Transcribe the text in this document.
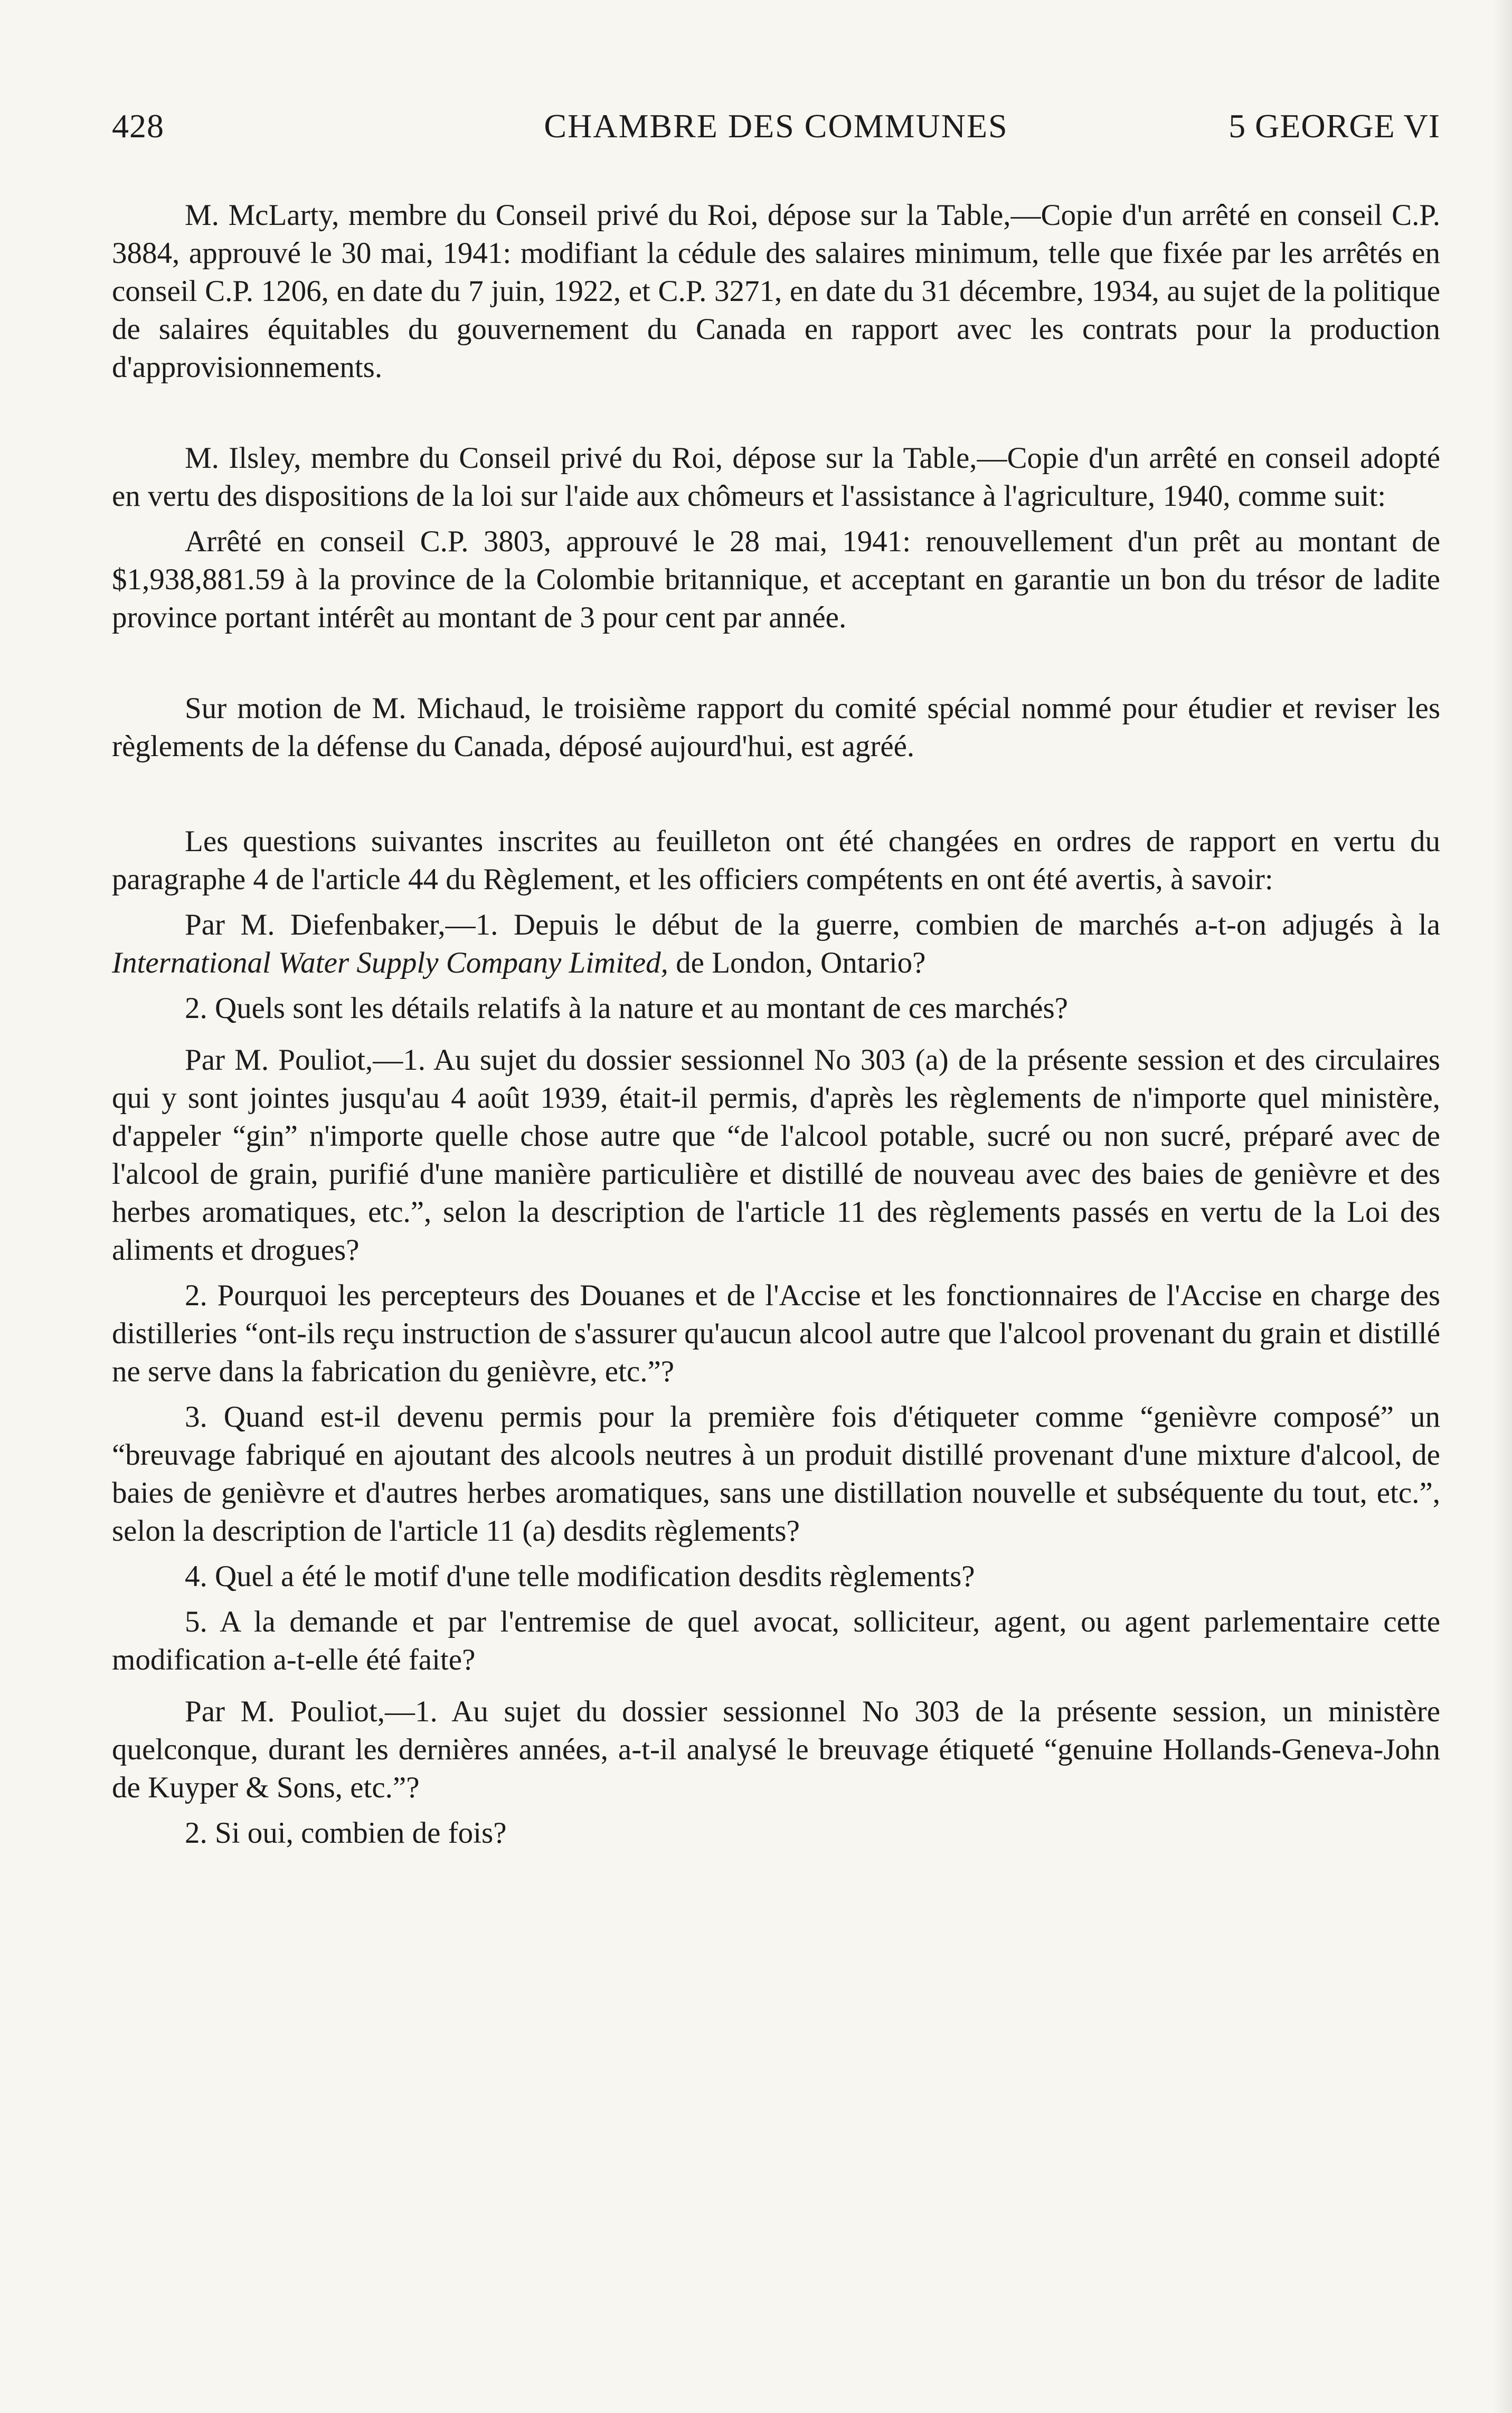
428	CHAMBRE DES COMMUNES	5 GEORGE VI

M. McLarty, membre du Conseil privé du Roi, dépose sur la Table,—Copie d'un arrêté en conseil C.P. 3884, approuvé le 30 mai, 1941: modifiant la cédule des salaires minimum, telle que fixée par les arrêtés en conseil C.P. 1206, en date du 7 juin, 1922, et C.P. 3271, en date du 31 décembre, 1934, au sujet de la politique de salaires équitables du gouvernement du Canada en rapport avec les contrats pour la production d'approvisionnements.

M. Ilsley, membre du Conseil privé du Roi, dépose sur la Table,—Copie d'un arrêté en conseil adopté en vertu des dispositions de la loi sur l'aide aux chômeurs et l'assistance à l'agriculture, 1940, comme suit:

Arrêté en conseil C.P. 3803, approuvé le 28 mai, 1941: renouvellement d'un prêt au montant de $1,938,881.59 à la province de la Colombie britannique, et acceptant en garantie un bon du trésor de ladite province portant intérêt au montant de 3 pour cent par année.

Sur motion de M. Michaud, le troisième rapport du comité spécial nommé pour étudier et reviser les règlements de la défense du Canada, déposé aujourd'hui, est agréé.

Les questions suivantes inscrites au feuilleton ont été changées en ordres de rapport en vertu du paragraphe 4 de l'article 44 du Règlement, et les officiers compétents en ont été avertis, à savoir:

Par M. Diefenbaker,—1. Depuis le début de la guerre, combien de marchés a-t-on adjugés à la International Water Supply Company Limited, de London, Ontario?

2. Quels sont les détails relatifs à la nature et au montant de ces marchés?

Par M. Pouliot,—1. Au sujet du dossier sessionnel No 303 (a) de la présente session et des circulaires qui y sont jointes jusqu'au 4 août 1939, était-il permis, d'après les règlements de n'importe quel ministère, d'appeler “gin” n'importe quelle chose autre que “de l'alcool potable, sucré ou non sucré, préparé avec de l'alcool de grain, purifié d'une manière particulière et distillé de nouveau avec des baies de genièvre et des herbes aromatiques, etc.”, selon la description de l'article 11 des règlements passés en vertu de la Loi des aliments et drogues?

2. Pourquoi les percepteurs des Douanes et de l'Accise et les fonctionnaires de l'Accise en charge des distilleries “ont-ils reçu instruction de s'assurer qu'aucun alcool autre que l'alcool provenant du grain et distillé ne serve dans la fabrication du genièvre, etc.”?

3. Quand est-il devenu permis pour la première fois d'étiqueter comme “genièvre composé” un “breuvage fabriqué en ajoutant des alcools neutres à un produit distillé provenant d'une mixture d'alcool, de baies de genièvre et d'autres herbes aromatiques, sans une distillation nouvelle et subséquente du tout, etc.”, selon la description de l'article 11 (a) desdits règlements?

4. Quel a été le motif d'une telle modification desdits règlements?

5. A la demande et par l'entremise de quel avocat, solliciteur, agent, ou agent parlementaire cette modification a-t-elle été faite?

Par M. Pouliot,—1. Au sujet du dossier sessionnel No 303 de la présente session, un ministère quelconque, durant les dernières années, a-t-il analysé le breuvage étiqueté “genuine Hollands-Geneva-John de Kuyper & Sons, etc.”?

2. Si oui, combien de fois?
